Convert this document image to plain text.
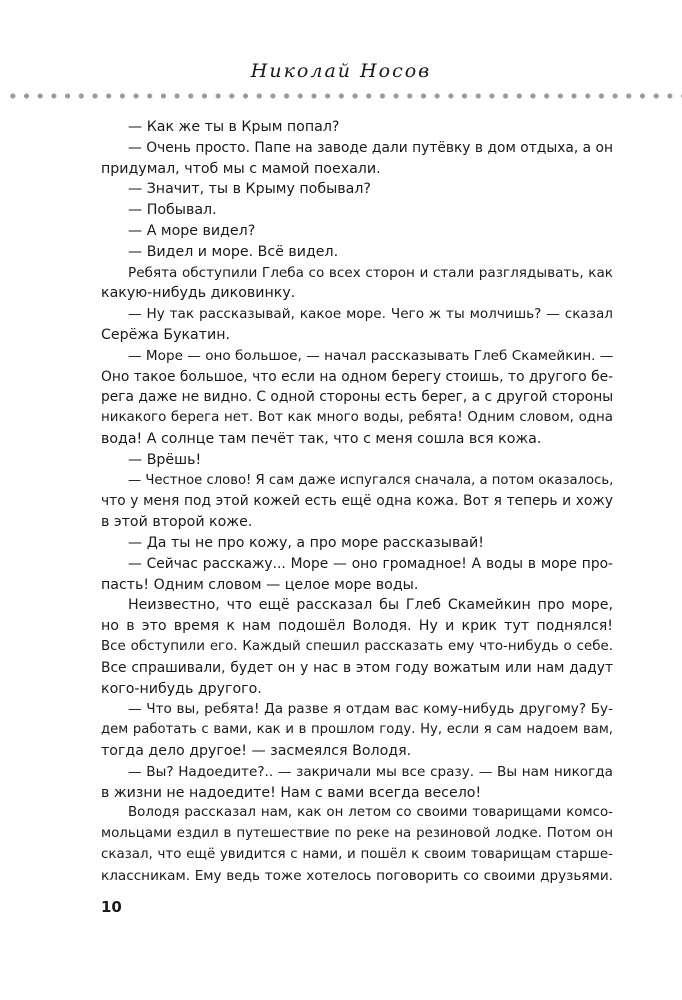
Николай Носов
— Как же ты в Крым попал?
— Очень просто. Папе на заводе дали путёвку в дом отдыха, а он
придумал, чтоб мы с мамой поехали.
— Значит, ты в Крыму побывал?
— Побывал.
— А море видел?
— Видел и море. Всё видел.
Ребята обступили Глеба со всех сторон и стали разглядывать, как
какую-нибудь диковинку.
— Ну так рассказывай, какое море. Чего ж ты молчишь? — сказал
Серёжа Букатин.
— Море — оно большое, — начал рассказывать Глеб Скамейкин. —
Оно такое большое, что если на одном берегу стоишь, то другого бе-
рега даже не видно. С одной стороны есть берег, а с другой стороны
никакого берега нет. Вот как много воды, ребята! Одним словом, одна
вода! А солнце там печёт так, что с меня сошла вся кожа.
— Врёшь!
— Честное слово! Я сам даже испугался сначала, а потом оказалось,
что у меня под этой кожей есть ещё одна кожа. Вот я теперь и хожу
в этой второй коже.
— Да ты не про кожу, а про море рассказывай!
— Сейчас расскажу... Море — оно громадное! А воды в море про-
пасть! Одним словом — целое море воды.
Неизвестно, что ещё рассказал бы Глеб Скамейкин про море,
но в это время к нам подошёл Володя. Ну и крик тут поднялся!
Все обступили его. Каждый спешил рассказать ему что-нибудь о себе.
Все спрашивали, будет он у нас в этом году вожатым или нам дадут
кого-нибудь другого.
— Что вы, ребята! Да разве я отдам вас кому-нибудь другому? Бу-
дем работать с вами, как и в прошлом году. Ну, если я сам надоем вам,
тогда дело другое! — засмеялся Володя.
— Вы? Надоедите?.. — закричали мы все сразу. — Вы нам никогда
в жизни не надоедите! Нам с вами всегда весело!
Володя рассказал нам, как он летом со своими товарищами комсо-
мольцами ездил в путешествие по реке на резиновой лодке. Потом он
сказал, что ещё увидится с нами, и пошёл к своим товарищам старше-
классникам. Ему ведь тоже хотелось поговорить со своими друзьями.
10
